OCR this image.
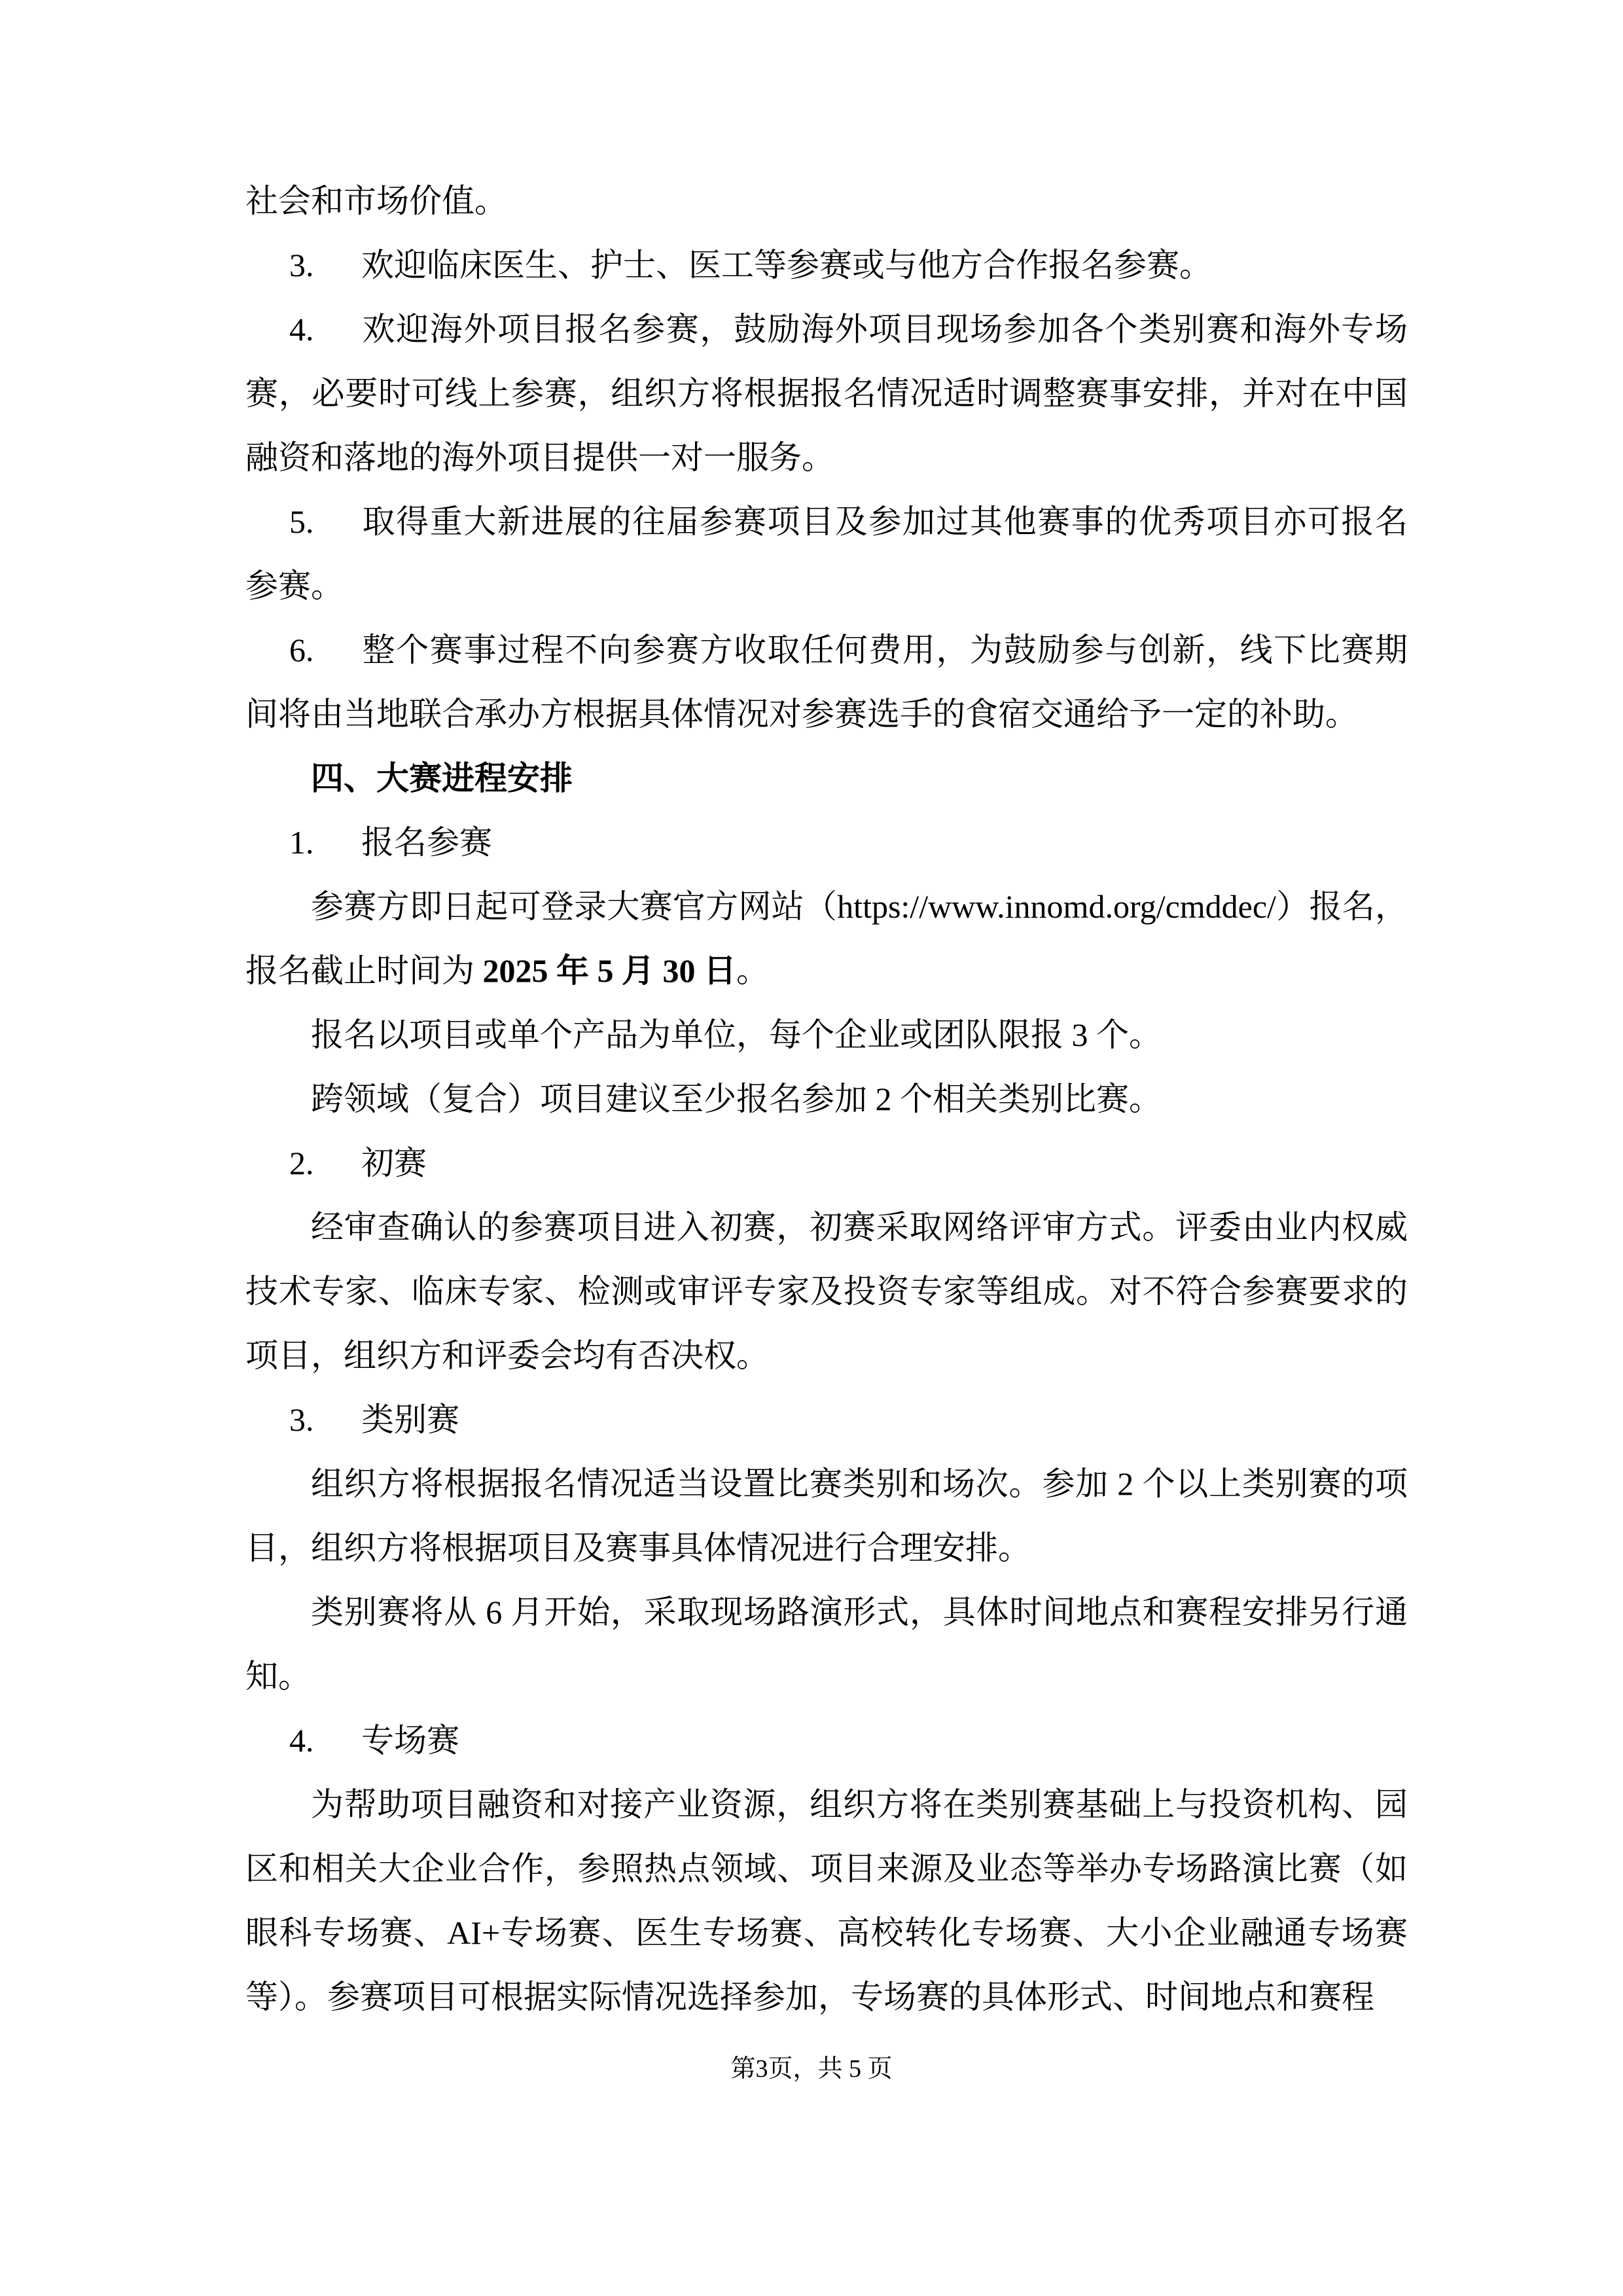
社会和市场价值。

3. 欢迎临床医生、护士、医工等参赛或与他方合作报名参赛。

4. 欢迎海外项目报名参赛，鼓励海外项目现场参加各个类别赛和海外专场赛，必要时可线上参赛，组织方将根据报名情况适时调整赛事安排，并对在中国融资和落地的海外项目提供一对一服务。

5. 取得重大新进展的往届参赛项目及参加过其他赛事的优秀项目亦可报名参赛。

6. 整个赛事过程不向参赛方收取任何费用，为鼓励参与创新，线下比赛期间将由当地联合承办方根据具体情况对参赛选手的食宿交通给予一定的补助。

四、大赛进程安排

1. 报名参赛

参赛方即日起可登录大赛官方网站（https://www.innomd.org/cmddec/）报名，报名截止时间为 2025 年 5 月 30 日。

报名以项目或单个产品为单位，每个企业或团队限报 3 个。

跨领域（复合）项目建议至少报名参加 2 个相关类别比赛。

2. 初赛

经审查确认的参赛项目进入初赛，初赛采取网络评审方式。评委由业内权威技术专家、临床专家、检测或审评专家及投资专家等组成。对不符合参赛要求的项目，组织方和评委会均有否决权。

3. 类别赛

组织方将根据报名情况适当设置比赛类别和场次。参加 2 个以上类别赛的项目，组织方将根据项目及赛事具体情况进行合理安排。

类别赛将从 6 月开始，采取现场路演形式，具体时间地点和赛程安排另行通知。

4. 专场赛

为帮助项目融资和对接产业资源，组织方将在类别赛基础上与投资机构、园区和相关大企业合作，参照热点领域、项目来源及业态等举办专场路演比赛（如眼科专场赛、AI+专场赛、医生专场赛、高校转化专场赛、大小企业融通专场赛等）。参赛项目可根据实际情况选择参加，专场赛的具体形式、时间地点和赛程

第3页，共 5 页
